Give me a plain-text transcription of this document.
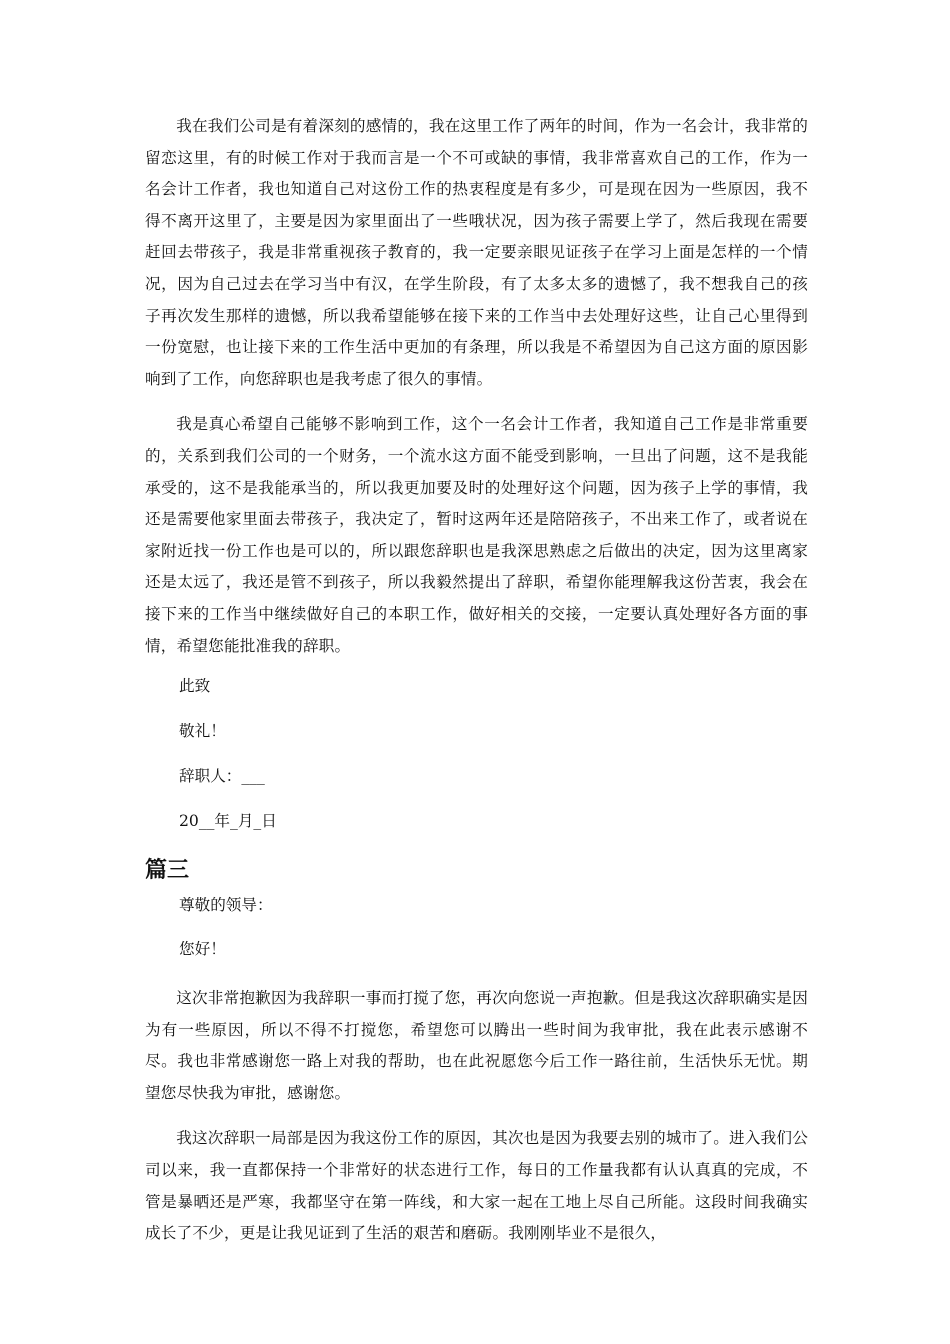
我在我们公司是有着深刻的感情的，我在这里工作了两年的时间，作为一名会计，我非常的留恋这里，有的时候工作对于我而言是一个不可或缺的事情，我非常喜欢自己的工作，作为一名会计工作者，我也知道自己对这份工作的热衷程度是有多少，可是现在因为一些原因，我不得不离开这里了，主要是因为家里面出了一些哦状况，因为孩子需要上学了，然后我现在需要赶回去带孩子，我是非常重视孩子教育的，我一定要亲眼见证孩子在学习上面是怎样的一个情况，因为自己过去在学习当中有汉，在学生阶段，有了太多太多的遗憾了，我不想我自己的孩子再次发生那样的遗憾，所以我希望能够在接下来的工作当中去处理好这些，让自己心里得到一份宽慰，也让接下来的工作生活中更加的有条理，所以我是不希望因为自己这方面的原因影响到了工作，向您辞职也是我考虑了很久的事情。

我是真心希望自己能够不影响到工作，这个一名会计工作者，我知道自己工作是非常重要的，关系到我们公司的一个财务，一个流水这方面不能受到影响，一旦出了问题，这不是我能承受的，这不是我能承当的，所以我更加要及时的处理好这个问题，因为孩子上学的事情，我还是需要他家里面去带孩子，我决定了，暂时这两年还是陪陪孩子，不出来工作了，或者说在家附近找一份工作也是可以的，所以跟您辞职也是我深思熟虑之后做出的决定，因为这里离家还是太远了，我还是管不到孩子，所以我毅然提出了辞职，希望你能理解我这份苦衷，我会在接下来的工作当中继续做好自己的本职工作，做好相关的交接，一定要认真处理好各方面的事情，希望您能批准我的辞职。

此致

敬礼！

辞职人：___

20__年_月_日

篇三

尊敬的领导：

您好！

这次非常抱歉因为我辞职一事而打搅了您，再次向您说一声抱歉。但是我这次辞职确实是因为有一些原因，所以不得不打搅您，希望您可以腾出一些时间为我审批，我在此表示感谢不尽。我也非常感谢您一路上对我的帮助，也在此祝愿您今后工作一路往前，生活快乐无忧。期望您尽快我为审批，感谢您。

我这次辞职一局部是因为我这份工作的原因，其次也是因为我要去别的城市了。进入我们公司以来，我一直都保持一个非常好的状态进行工作，每日的工作量我都有认认真真的完成，不管是暴晒还是严寒，我都坚守在第一阵线，和大家一起在工地上尽自己所能。这段时间我确实成长了不少，更是让我见证到了生活的艰苦和磨砺。我刚刚毕业不是很久，
